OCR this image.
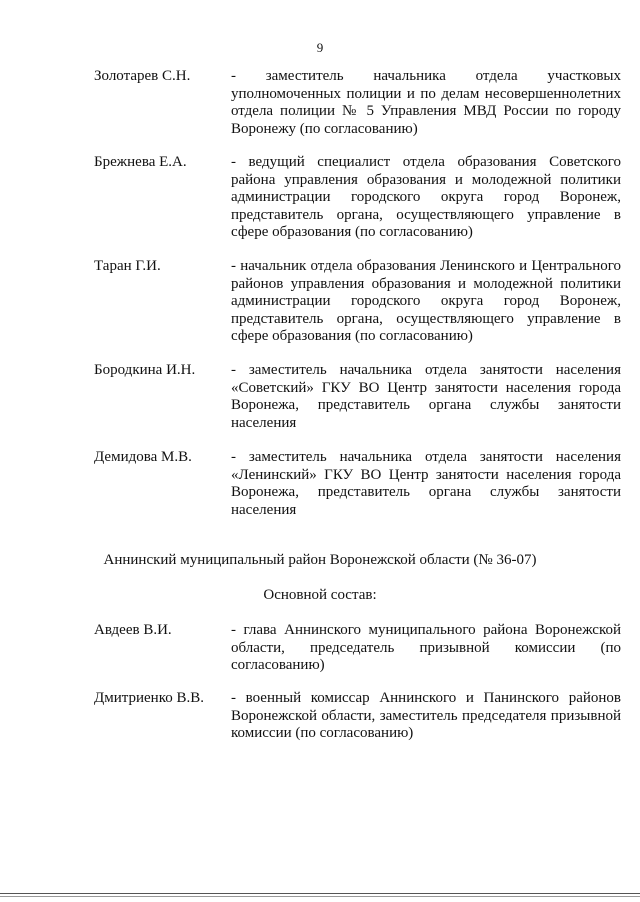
9
Золотарев С.Н.	-       заместитель       начальника       отдела       участковых уполномоченных полиции и по делам несовершеннолетних отдела полиции № 5 Управления МВД России по городу Воронежу (по согласованию)
Брежнева Е.А.	- ведущий специалист отдела образования Советского района управления образования и молодежной политики администрации городского округа город Воронеж, представитель органа, осуществляющего управление в сфере образования (по согласованию)
Таран Г.И.	- начальник отдела образования Ленинского и Центрального районов управления образования и молодежной политики администрации городского округа город Воронеж, представитель органа, осуществляющего управление в сфере образования (по согласованию)
Бородкина И.Н. - заместитель начальника отдела занятости населения «Советский» ГКУ ВО Центр занятости населения города Воронежа, представитель органа службы занятости населения
Демидова М.В.	- заместитель начальника отдела занятости населения «Ленинский» ГКУ ВО Центр занятости населения города Воронежа, представитель органа службы занятости населения
Аннинский муниципальный район Воронежской области (№ 36-07)
Основной состав:
Авдеев В.И.	- глава Аннинского муниципального района Воронежской области, председатель призывной комиссии (по согласованию)
Дмитриенко В.В. - военный комиссар Аннинского и Панинского районов Воронежской области, заместитель председателя призывной комиссии (по согласованию)
